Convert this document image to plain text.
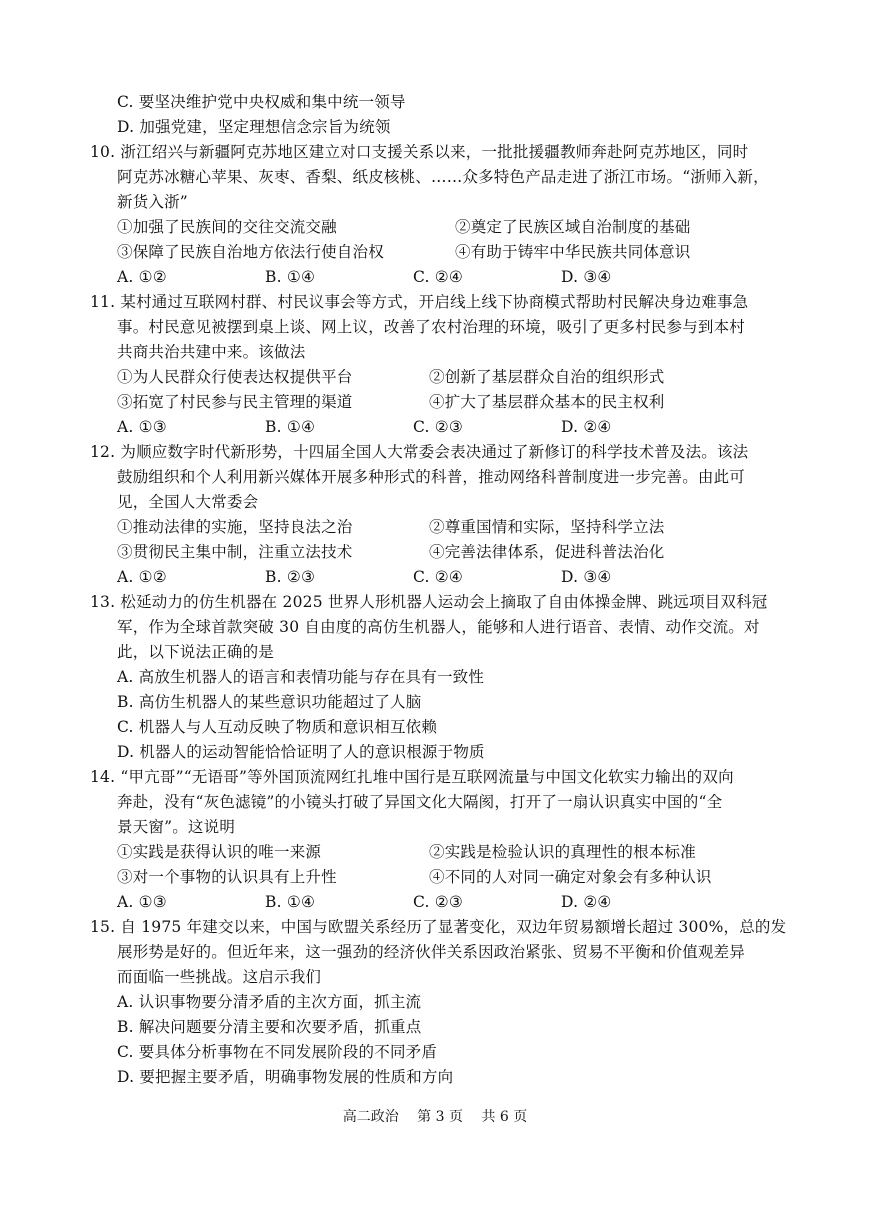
C. 要坚决维护党中央权威和集中统一领导
D. 加强党建，坚定理想信念宗旨为统领
10. 浙江绍兴与新疆阿克苏地区建立对口支援关系以来，一批批援疆教师奔赴阿克苏地区，同时
阿克苏冰糖心苹果、灰枣、香梨、纸皮核桃、……众多特色产品走进了浙江市场。“浙师入新，
新货入浙”
①加强了民族间的交往交流交融	②奠定了民族区域自治制度的基础
③保障了民族自治地方依法行使自治权	④有助于铸牢中华民族共同体意识
A. ①②	B. ①④	C. ②④	D. ③④
11. 某村通过互联网村群、村民议事会等方式，开启线上线下协商模式帮助村民解决身边难事急
事。村民意见被摆到桌上谈、网上议，改善了农村治理的环境，吸引了更多村民参与到本村
共商共治共建中来。该做法
①为人民群众行使表达权提供平台	②创新了基层群众自治的组织形式
③拓宽了村民参与民主管理的渠道	④扩大了基层群众基本的民主权利
A. ①③	B. ①④	C. ②③	D. ②④
12. 为顺应数字时代新形势，十四届全国人大常委会表决通过了新修订的科学技术普及法。该法
鼓励组织和个人利用新兴媒体开展多种形式的科普，推动网络科普制度进一步完善。由此可
见，全国人大常委会
①推动法律的实施，坚持良法之治	②尊重国情和实际，坚持科学立法
③贯彻民主集中制，注重立法技术	④完善法律体系，促进科普法治化
A. ①②	B. ②③	C. ②④	D. ③④
13. 松延动力的仿生机器在 2025 世界人形机器人运动会上摘取了自由体操金牌、跳远项目双科冠
军，作为全球首款突破 30 自由度的高仿生机器人，能够和人进行语音、表情、动作交流。对
此，以下说法正确的是
A. 高放生机器人的语言和表情功能与存在具有一致性
B. 高仿生机器人的某些意识功能超过了人脑
C. 机器人与人互动反映了物质和意识相互依赖
D. 机器人的运动智能恰恰证明了人的意识根源于物质
14. “甲亢哥”“无语哥”等外国顶流网红扎堆中国行是互联网流量与中国文化软实力输出的双向
奔赴，没有“灰色滤镜”的小镜头打破了异国文化大隔阂，打开了一扇认识真实中国的“全
景天窗”。这说明
①实践是获得认识的唯一来源	②实践是检验认识的真理性的根本标准
③对一个事物的认识具有上升性	④不同的人对同一确定对象会有多种认识
A. ①③	B. ①④	C. ②③	D. ②④
15. 自 1975 年建交以来，中国与欧盟关系经历了显著变化，双边年贸易额增长超过 300%，总的发
展形势是好的。但近年来，这一强劲的经济伙伴关系因政治紧张、贸易不平衡和价值观差异
而面临一些挑战。这启示我们
A. 认识事物要分清矛盾的主次方面，抓主流
B. 解决问题要分清主要和次要矛盾，抓重点
C. 要具体分析事物在不同发展阶段的不同矛盾
D. 要把握主要矛盾，明确事物发展的性质和方向
高二政治　 第 3 页　 共 6 页
